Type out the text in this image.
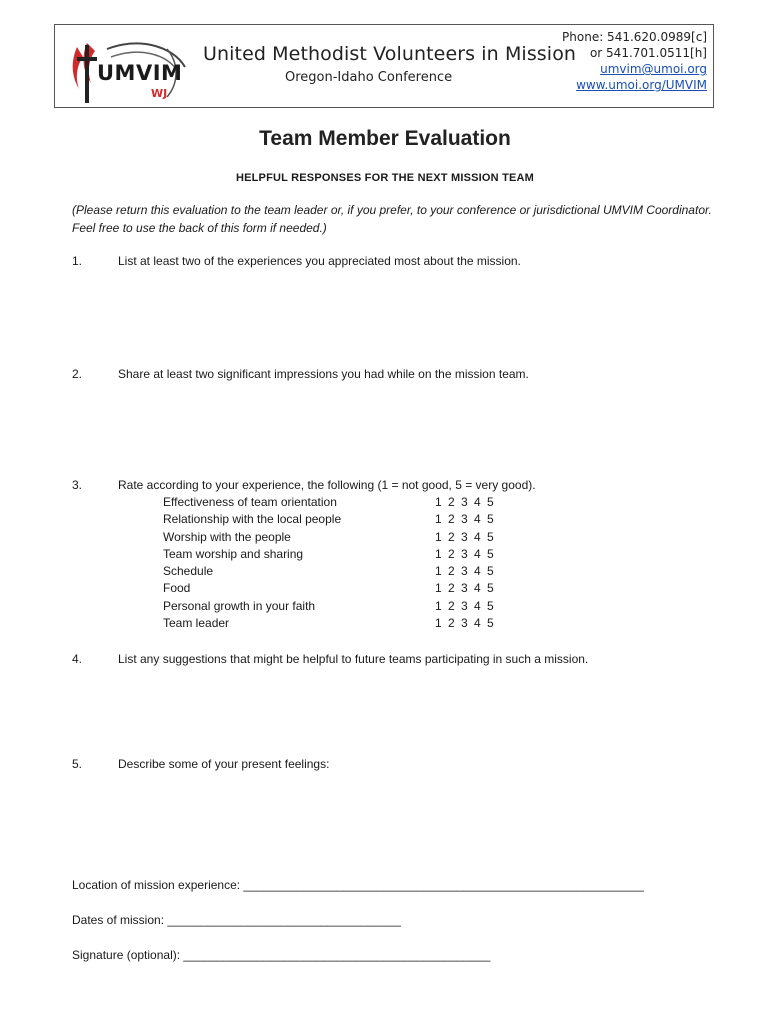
UMVIM
WJ
United Methodist Volunteers in Mission
Oregon-Idaho Conference
Phone: 541.620.0989[c]
or 541.701.0511[h]
umvim@umoi.org
www.umoi.org/UMVIM
Team Member Evaluation
HELPFUL RESPONSES FOR THE NEXT MISSION TEAM
(Please return this evaluation to the team leader or, if you prefer, to your conference or jurisdictional UMVIM Coordinator. Feel free to use the back of this form if needed.)
1.	List at least two of the experiences you appreciated most about the mission.
2.	Share at least two significant impressions you had while on the mission team.
3.	Rate according to your experience, the following (1 = not good, 5 = very good).
Effectiveness of team orientation	1 2 3 4 5
Relationship with the local people	1 2 3 4 5
Worship with the people	1 2 3 4 5
Team worship and sharing	1 2 3 4 5
Schedule	1 2 3 4 5
Food	1 2 3 4 5
Personal growth in your faith	1 2 3 4 5
Team leader	1 2 3 4 5
4.	List any suggestions that might be helpful to future teams participating in such a mission.
5.	Describe some of your present feelings:
Location of mission experience: ____________________________________________________________
Dates of mission: ___________________________________
Signature (optional): ______________________________________________
